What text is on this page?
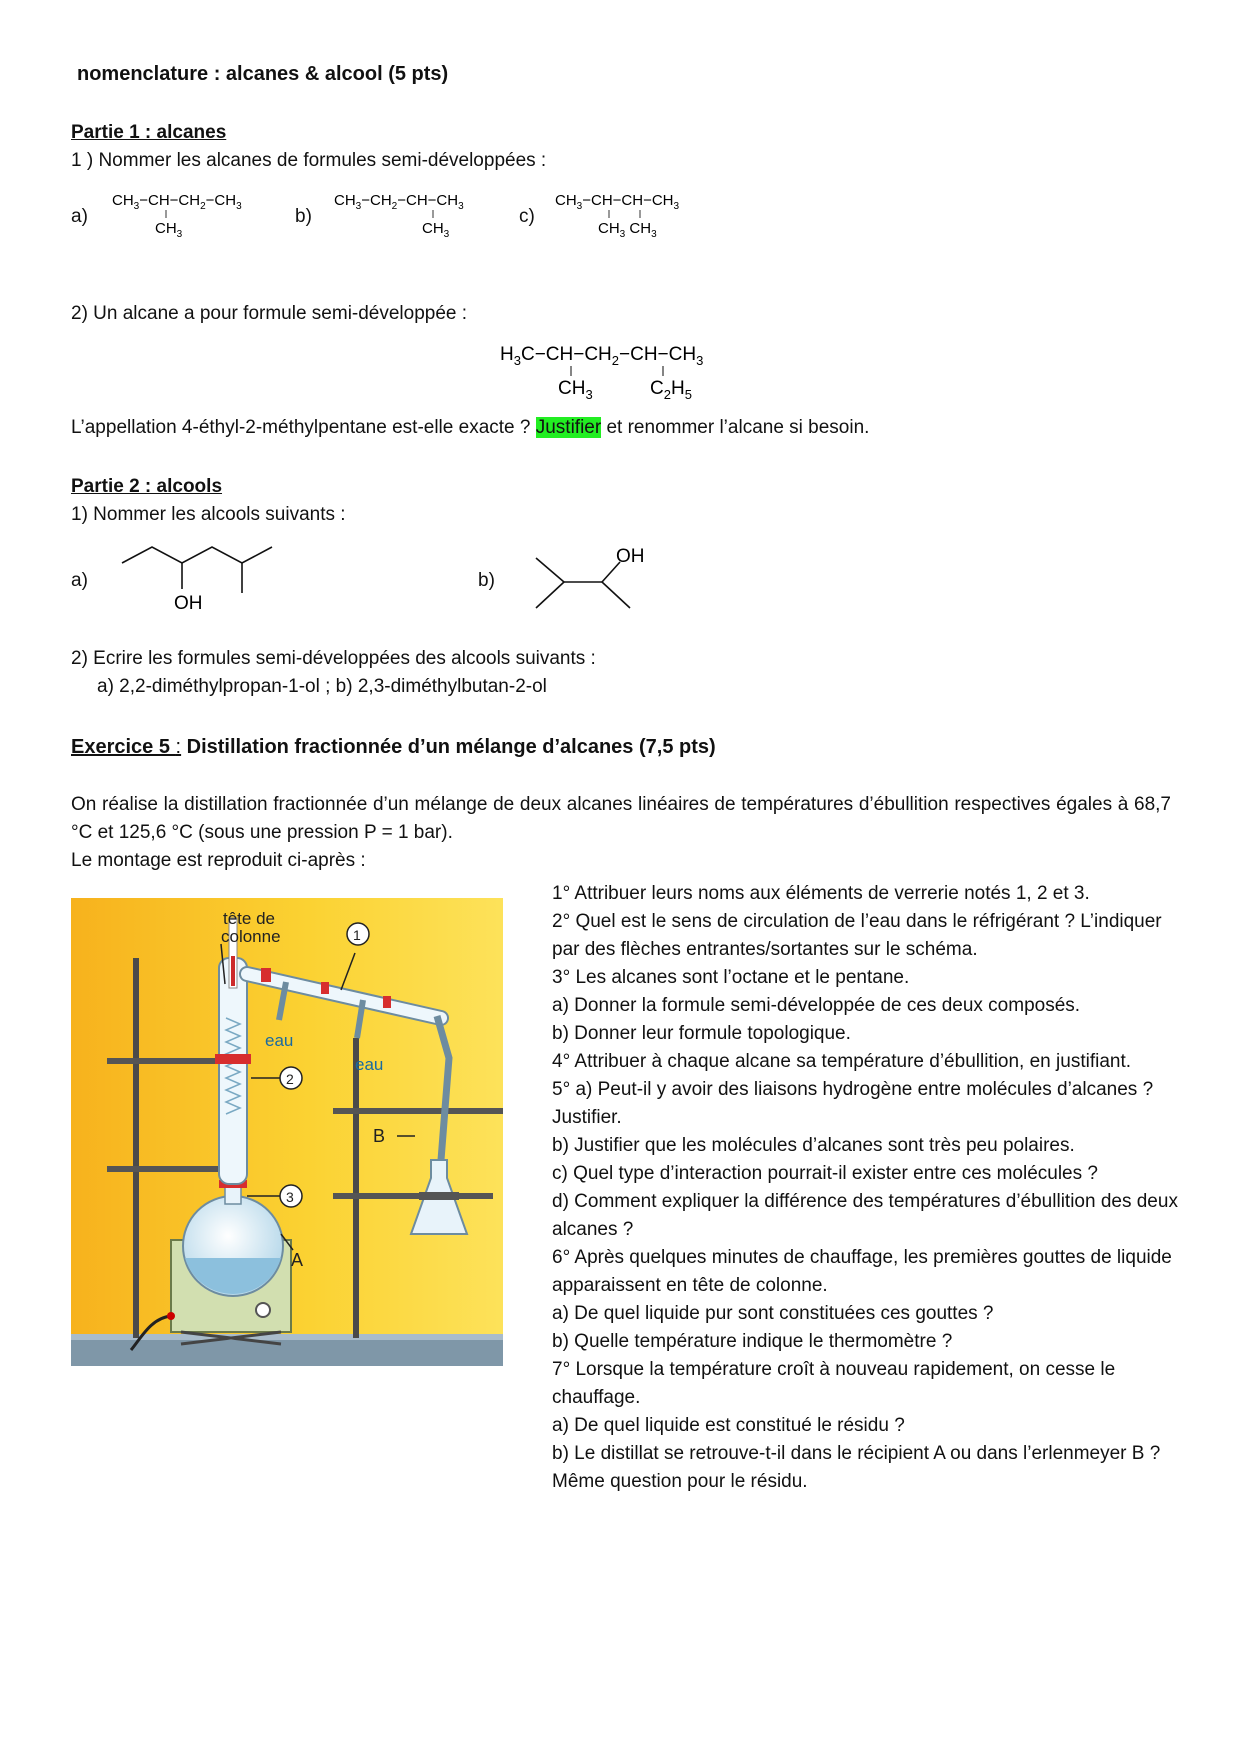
nomenclature : alcanes & alcool (5 pts)
Partie 1 : alcanes
1 ) Nommer les alcanes de formules semi-développées :
a)	b)	c)
$CH_3-CH-CH_2-CH_3$
$CH_3$
$CH_3-CH_2-CH-CH_3$
$CH_3$
$CH_3-CH-CH-CH_3$
$CH_3$ $CH_3$
2) Un alcane a pour formule semi-développée :
$H_3C-CH-CH_2-CH-CH_3$
$CH_3$	$C_2H_5$
L’appellation 4-éthyl-2-méthylpentane est-elle exacte ? Justifier et renommer l’alcane si besoin.
Partie 2 : alcools
1) Nommer les alcools suivants :
a)
OH
b)
OH
2) Ecrire les formules semi-développées des alcools suivants :
a) 2,2-diméthylpropan-1-ol ; b) 2,3-diméthylbutan-2-ol
Exercice 5 : Distillation fractionnée d’un mélange d’alcanes (7,5 pts)
On réalise la distillation fractionnée d’un mélange de deux alcanes linéaires de températures d’ébullition respectives égales à 68,7 °C et 125,6 °C (sous une pression P = 1 bar).
Le montage est reproduit ci-après :
tête de
colonne
eau
eau
1
2
3
A
B
1° Attribuer leurs noms aux éléments de verrerie notés 1, 2 et 3.
2° Quel est le sens de circulation de l’eau dans le réfrigérant ? L’indiquer par des flèches entrantes/sortantes sur le schéma.
3° Les alcanes sont l’octane et le pentane.
a) Donner la formule semi-développée de ces deux composés.
b) Donner leur formule topologique.
4° Attribuer à chaque alcane sa température d’ébullition, en justifiant.
5° a) Peut-il y avoir des liaisons hydrogène entre molécules d’alcanes ? Justifier.
b) Justifier que les molécules d’alcanes sont très peu polaires.
c) Quel type d’interaction pourrait-il exister entre ces molécules ?
d) Comment expliquer la différence des températures d’ébullition des deux alcanes ?
6° Après quelques minutes de chauffage, les premières gouttes de liquide apparaissent en tête de colonne.
a) De quel liquide pur sont constituées ces gouttes ?
b) Quelle température indique le thermomètre ?
7° Lorsque la température croît à nouveau rapidement, on cesse le chauffage.
a) De quel liquide est constitué le résidu ?
b) Le distillat se retrouve-t-il dans le récipient A ou dans l’erlenmeyer B ? Même question pour le résidu.
